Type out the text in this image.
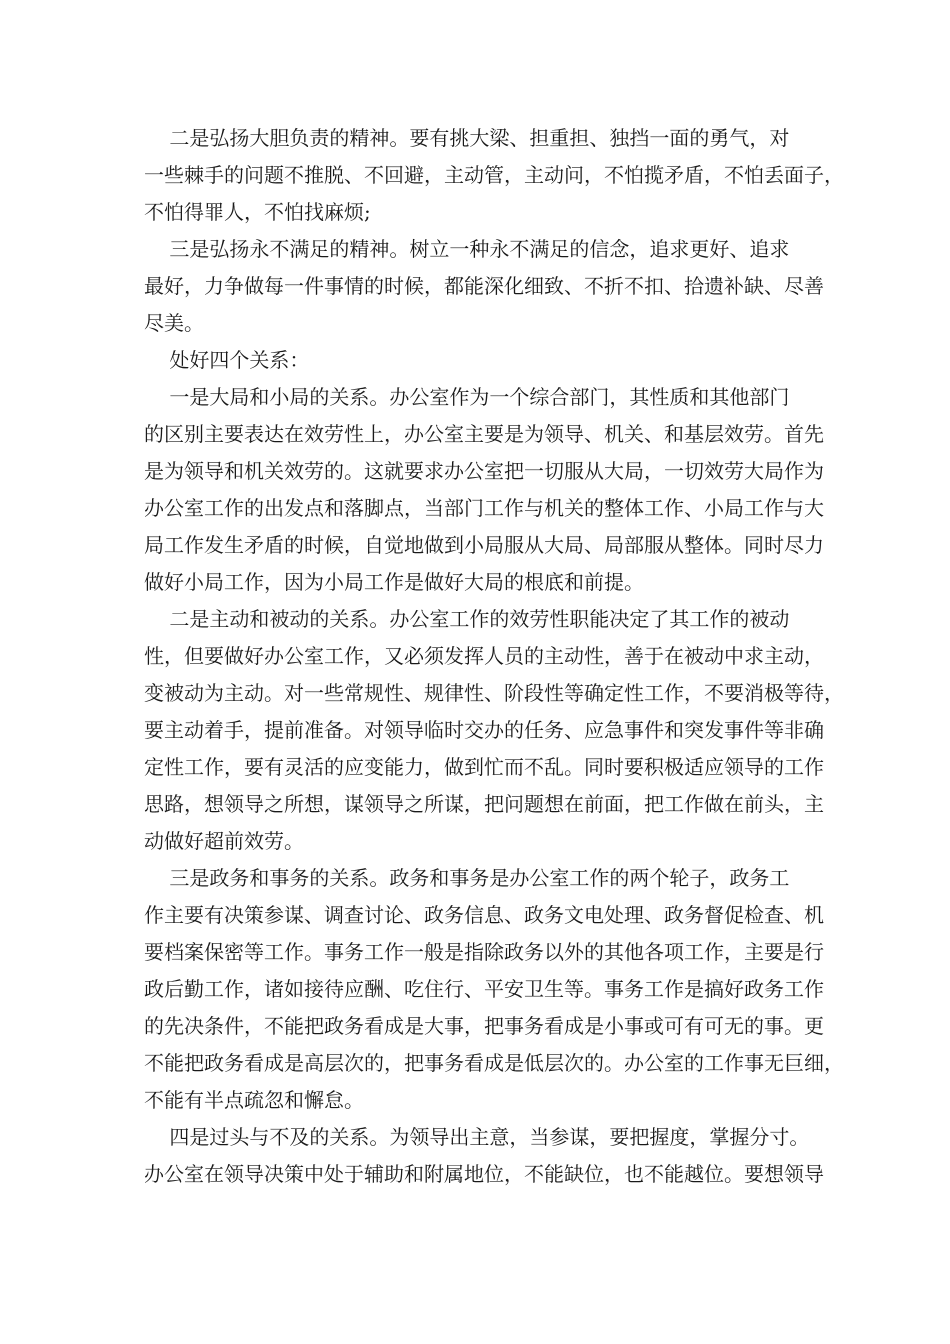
二是弘扬大胆负责的精神。要有挑大梁、担重担、独挡一面的勇气，对

一些棘手的问题不推脱、不回避，主动管，主动问，不怕揽矛盾，不怕丢面子，

不怕得罪人，不怕找麻烦;

三是弘扬永不满足的精神。树立一种永不满足的信念，追求更好、追求

最好，力争做每一件事情的时候，都能深化细致、不折不扣、拾遗补缺、尽善

尽美。

处好四个关系：

一是大局和小局的关系。办公室作为一个综合部门，其性质和其他部门

的区别主要表达在效劳性上，办公室主要是为领导、机关、和基层效劳。首先

是为领导和机关效劳的。这就要求办公室把一切服从大局，一切效劳大局作为

办公室工作的出发点和落脚点，当部门工作与机关的整体工作、小局工作与大

局工作发生矛盾的时候，自觉地做到小局服从大局、局部服从整体。同时尽力

做好小局工作，因为小局工作是做好大局的根底和前提。

二是主动和被动的关系。办公室工作的效劳性职能决定了其工作的被动

性，但要做好办公室工作，又必须发挥人员的主动性，善于在被动中求主动，

变被动为主动。对一些常规性、规律性、阶段性等确定性工作，不要消极等待，

要主动着手，提前准备。对领导临时交办的任务、应急事件和突发事件等非确

定性工作，要有灵活的应变能力，做到忙而不乱。同时要积极适应领导的工作

思路，想领导之所想，谋领导之所谋，把问题想在前面，把工作做在前头，主

动做好超前效劳。

三是政务和事务的关系。政务和事务是办公室工作的两个轮子，政务工

作主要有决策参谋、调查讨论、政务信息、政务文电处理、政务督促检查、机

要档案保密等工作。事务工作一般是指除政务以外的其他各项工作，主要是行

政后勤工作，诸如接待应酬、吃住行、平安卫生等。事务工作是搞好政务工作

的先决条件，不能把政务看成是大事，把事务看成是小事或可有可无的事。更

不能把政务看成是高层次的，把事务看成是低层次的。办公室的工作事无巨细，

不能有半点疏忽和懈怠。

四是过头与不及的关系。为领导出主意，当参谋，要把握度，掌握分寸。

办公室在领导决策中处于辅助和附属地位，不能缺位，也不能越位。要想领导
